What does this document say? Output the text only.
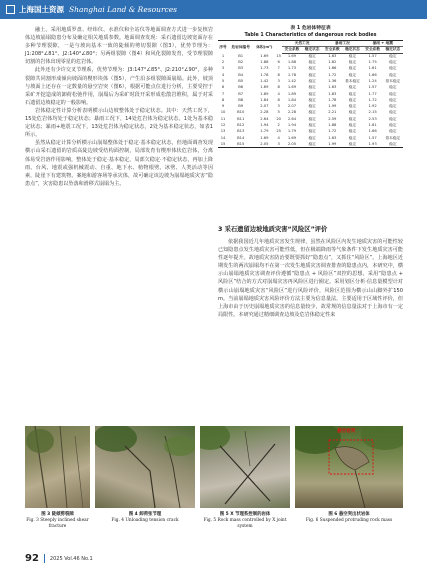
上海国土资源 Shanghai Land & Resources

融土。采用地质罗盘、经纬仪、水准仪和全站仪等地面调查方式进一步复核岩体边坡崩塌隐患分布及确定相关地质参数。地面调查发现：采石遗留边坡宽面存在多种节理裂隙，一是与坡向基本一致的陡倾的剪切裂隙（图3），优势节理为：J1:208°∠81°、J2:140°∠80°；另两组裂隙（图4）和风化裂隙发育，受节理裂隙切割的岩体出现零星的危岩体。

此外还有少许交叉节理系，优势节理为：J3:147°∠85°、J2:210°∠90°，多种裂隙共同割形成倾向坡面的楔形块体（图5），产生沿多组裂隙面崩塌。此外，坡顶与坡面上还存在一定数量的悬空岩突（图6），根据可能点位进行分析，主要受控于采矿开挖造成的卸荷松弛作用，崩塌后为采矿时段开采形成松散岩堆积，属于对采石遗留边坡稳定的一般影响。

岩体稳定性计算分析表明横示山边坡整体处于稳定状态。其中：天然工况下，15处危岩体均处于稳定状态；暴雨工况下，14处危岩体为稳定状态，1处为基本稳定状态；暴雨+地震工况下，13处危岩体为稳定状态，2处为基本稳定状态，如表1所示。

虽然从稳定计算分析横示山崩塌整体处于稳定·基本稳定状态，但地面调查发现横示山采石遗留的岩质高陡边坡受结构面控制，局部发育有楔形体状危岩体，分离体易受岩溶作用影响，整体处于稳定·基本稳定，局部欠稳定·不稳定状态，再加上降雨、台风、地震或强机械震动、自重、地下水、植物根劈、冰劈、人类活动等因素，陡崖下有建筑物、案地和游客场等承灾体，故可确定该边坡为崩塌地质灾害“隐患点”，灾害隐患以坠落和滑移式崩塌为主。

表 1 危岩体特征表
Table 1 Characteristics of dangerous rock bodies
序号	危岩体编号	体积(m³)		天然工况		暴雨工况		暴雨 + 地震	
				安全系数	稳定状态	安全系数	稳定状态	安全系数	稳定状态
1	B1	1.69	15	1.69	稳定	1.63	稳定	1.57	稳定
2	B2	1.88	6	1.88	稳定	1.82	稳定	1.75	稳定
3	B3	1.73	7	1.73	稳定	1.66	稳定	1.61	稳定
4	B4	1.78	8	1.78	稳定	1.72	稳定	1.66	稳定
5	B5	1.42	3	1.42	稳定	1.36	基本稳定	1.24	基本稳定
6	B6	1.69	8	1.69	稳定	1.63	稳定	1.57	稳定
7	B7	1.89	4	1.89	稳定	1.83	稳定	1.77	稳定
8	B8	1.84	8	1.84	稳定	1.78	稳定	1.72	稳定
9	B9	2.07	3	2.07	稳定	1.99	稳定	1.92	稳定
10	B10	2.28	5	2.28	稳定	2.21	稳定	2.15	稳定
11	B11	2.64	20	2.64	稳定	2.59	稳定	2.53	稳定
12	B12	1.94	2	1.94	稳定	1.88	稳定	1.81	稳定
13	B13	1.79	25	1.79	稳定	1.72	稳定	1.66	稳定
14	B14	1.69	4	1.69	稳定	1.63	稳定	1.57	基本稳定
15	B15	2.05	3	2.05	稳定	1.99	稳定	1.93	稳定
3 采石遗留边坡地质灾害“风险区”评价

依据我国近几年地质灾害发生规律，虽然在风险区内发生地质灾害的可能性较已知隐患点发生地质灾害可能性低，但在极端降雨等气象条件下发生地质灾害可能性逐年提升。故地质灾害防治要既要抓好“隐患点”，又抓住“风险区”。上海地区近期发生的两次崩塌均不在第一次发生地质灾害调查排查的隐患点内，本研究中，横示山崩塌地质灾害调查评价遵循“隐患点 + 风险区”双控的思想，采用“隐患点 + 风险区”结合的方式对崩塌灾害再风险区进行圈定。采用划区分析·信息量模型计对横示山崩塌地质灾害“风险区”进行风险评价，风险区范围为横示山山脚外扩150 m。当前崩塌地质灾害风险评价方法主要为信息量法，主要适用于区域性评价，但上海市由于历史崩塌地质灾害的信息量较少，故常规的信息量法对于上海市有一定局限性。本研究通过精细调查边坡及危岩体稳定性来

悬空岩突
图 3 陡倾剪裂隙
Fig. 3 Steeply inclined shear fracture
图 4 卸荷张节理
Fig. 4 Unloading tension crack
图 5 X 节理系控制的岩体
Fig. 5 Rock mass controlled by X joint system
图 6 悬空突出状岩体
Fig. 6 Suspended protruding rock mass
92 2025 Vol.46 No.1
